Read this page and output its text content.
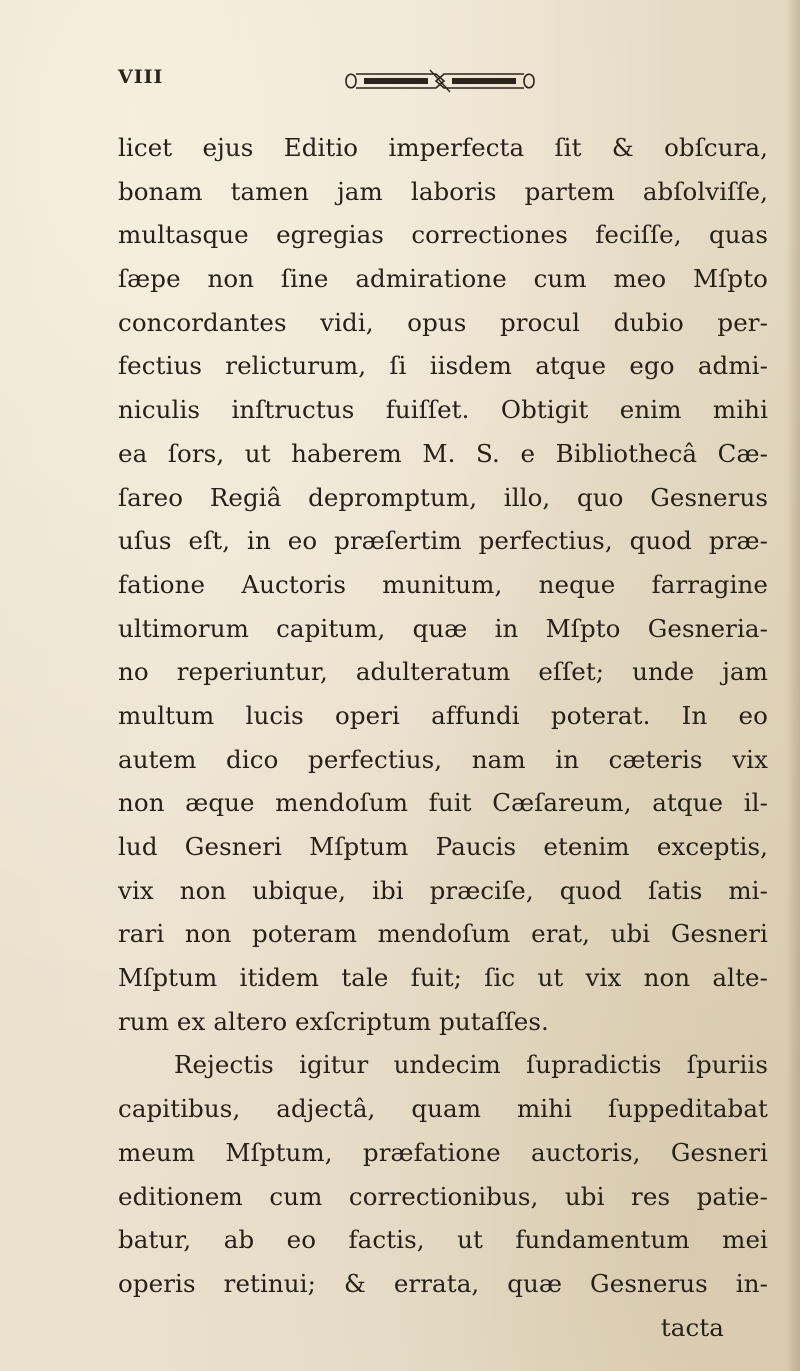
VIII
licet ejus Editio imperfecta ſit & obſcura,
bonam tamen jam laboris partem abſolviſſe,
multasque egregias correctiones feciſſe, quas
ſæpe non ſine admiratione cum meo Mſpto
concordantes vidi, opus procul dubio per-
fectius relicturum, ſi iisdem atque ego admi-
niculis inſtructus fuiſſet. Obtigit enim mihi
ea ſors, ut haberem M. S. e Bibliothecâ Cæ-
ſareo Regiâ depromptum, illo, quo Gesnerus
uſus eſt, in eo præſertim perfectius, quod præ-
fatione Auctoris munitum, neque farragine
ultimorum capitum, quæ in Mſpto Gesneria-
no reperiuntur, adulteratum eſſet; unde jam
multum lucis operi affundi poterat. In eo
autem dico perfectius, nam in cæteris vix
non æque mendoſum fuit Cæſareum, atque il-
lud Gesneri Mſptum Paucis etenim exceptis,
vix non ubique, ibi præciſe, quod ſatis mi-
rari non poteram mendoſum erat, ubi Gesneri
Mſptum itidem tale fuit; ſic ut vix non alte-
rum ex altero exſcriptum putaſſes.
Rejectis igitur undecim ſupradictis ſpuriis
capitibus, adjectâ, quam mihi ſuppeditabat
meum Mſptum, præfatione auctoris, Gesneri
editionem cum correctionibus, ubi res patie-
batur, ab eo factis, ut fundamentum mei
operis retinui; & errata, quæ Gesnerus in-
tacta
